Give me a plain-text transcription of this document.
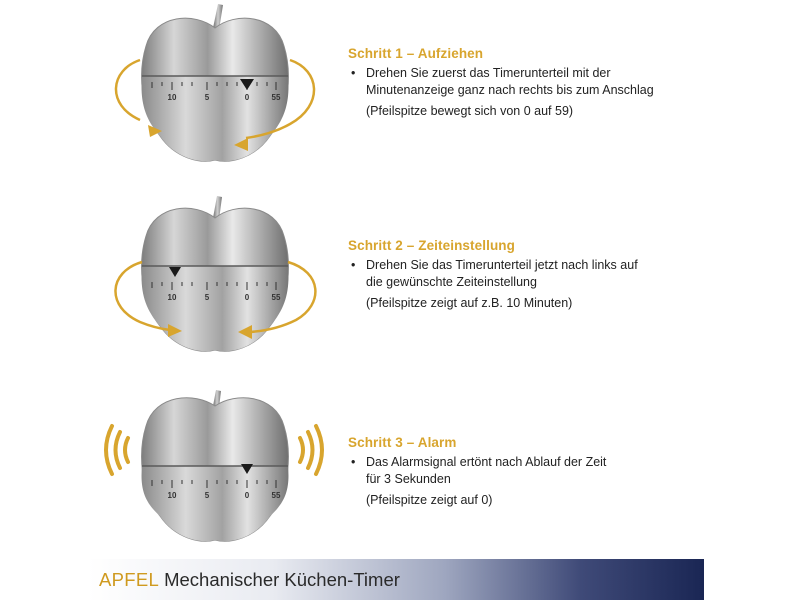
10	5	0	55
10	5	0	55
10	5	0	55
Schritt 1 – Aufziehen
• Drehen Sie zuerst das Timerunterteil mit der
Minutenanzeige ganz nach rechts bis zum Anschlag
(Pfeilspitze bewegt sich von 0 auf 59)
Schritt 2 – Zeiteinstellung
• Drehen Sie das Timerunterteil jetzt nach links auf
die gewünschte Zeiteinstellung
(Pfeilspitze zeigt auf z.B. 10 Minuten)
Schritt 3 – Alarm
• Das Alarmsignal ertönt nach Ablauf der Zeit
für 3 Sekunden
(Pfeilspitze zeigt auf 0)
APFEL Mechanischer Küchen-Timer
